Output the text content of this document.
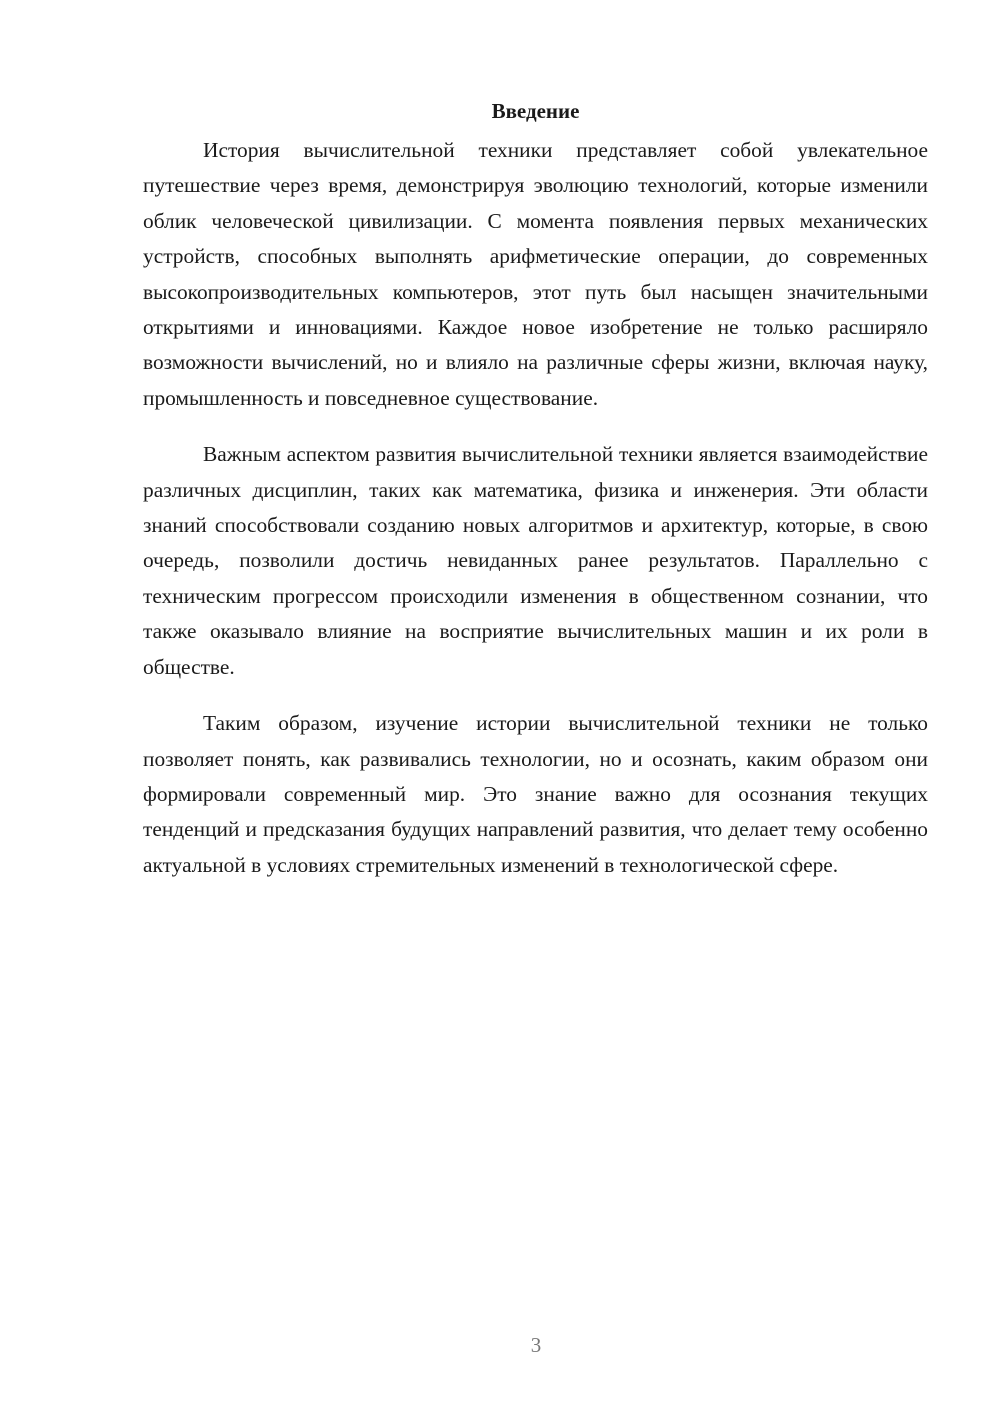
Введение

История вычислительной техники представляет собой увлекательное путешествие через время, демонстрируя эволюцию технологий, которые изменили облик человеческой цивилизации. С момента появления первых механических устройств, способных выполнять арифметические операции, до современных высокопроизводительных компьютеров, этот путь был насыщен значительными открытиями и инновациями. Каждое новое изобретение не только расширяло возможности вычислений, но и влияло на различные сферы жизни, включая науку, промышленность и повседневное существование.

Важным аспектом развития вычислительной техники является взаимодействие различных дисциплин, таких как математика, физика и инженерия. Эти области знаний способствовали созданию новых алгоритмов и архитектур, которые, в свою очередь, позволили достичь невиданных ранее результатов. Параллельно с техническим прогрессом происходили изменения в общественном сознании, что также оказывало влияние на восприятие вычислительных машин и их роли в обществе.

Таким образом, изучение истории вычислительной техники не только позволяет понять, как развивались технологии, но и осознать, каким образом они формировали современный мир. Это знание важно для осознания текущих тенденций и предсказания будущих направлений развития, что делает тему особенно актуальной в условиях стремительных изменений в технологической сфере.

3
